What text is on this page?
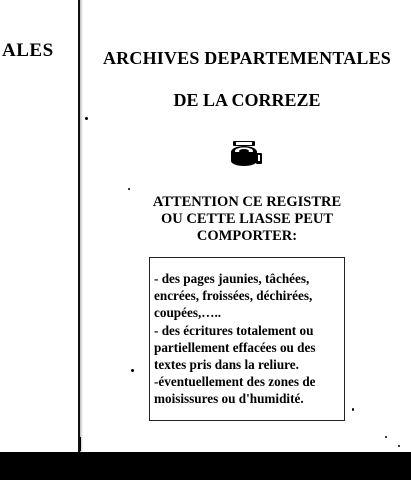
ALES	ARCHIVES DEPARTEMENTALES
DE LA CORREZE
ATTENTION CE REGISTRE
OU CETTE LIASSE PEUT
COMPORTER:
- des pages jaunies, tâchées,
encrées, froissées, déchirées,
coupées,…..
- des écritures totalement ou
partiellement effacées ou des
textes pris dans la reliure.
-éventuellement des zones de
moisissures ou d'humidité.
